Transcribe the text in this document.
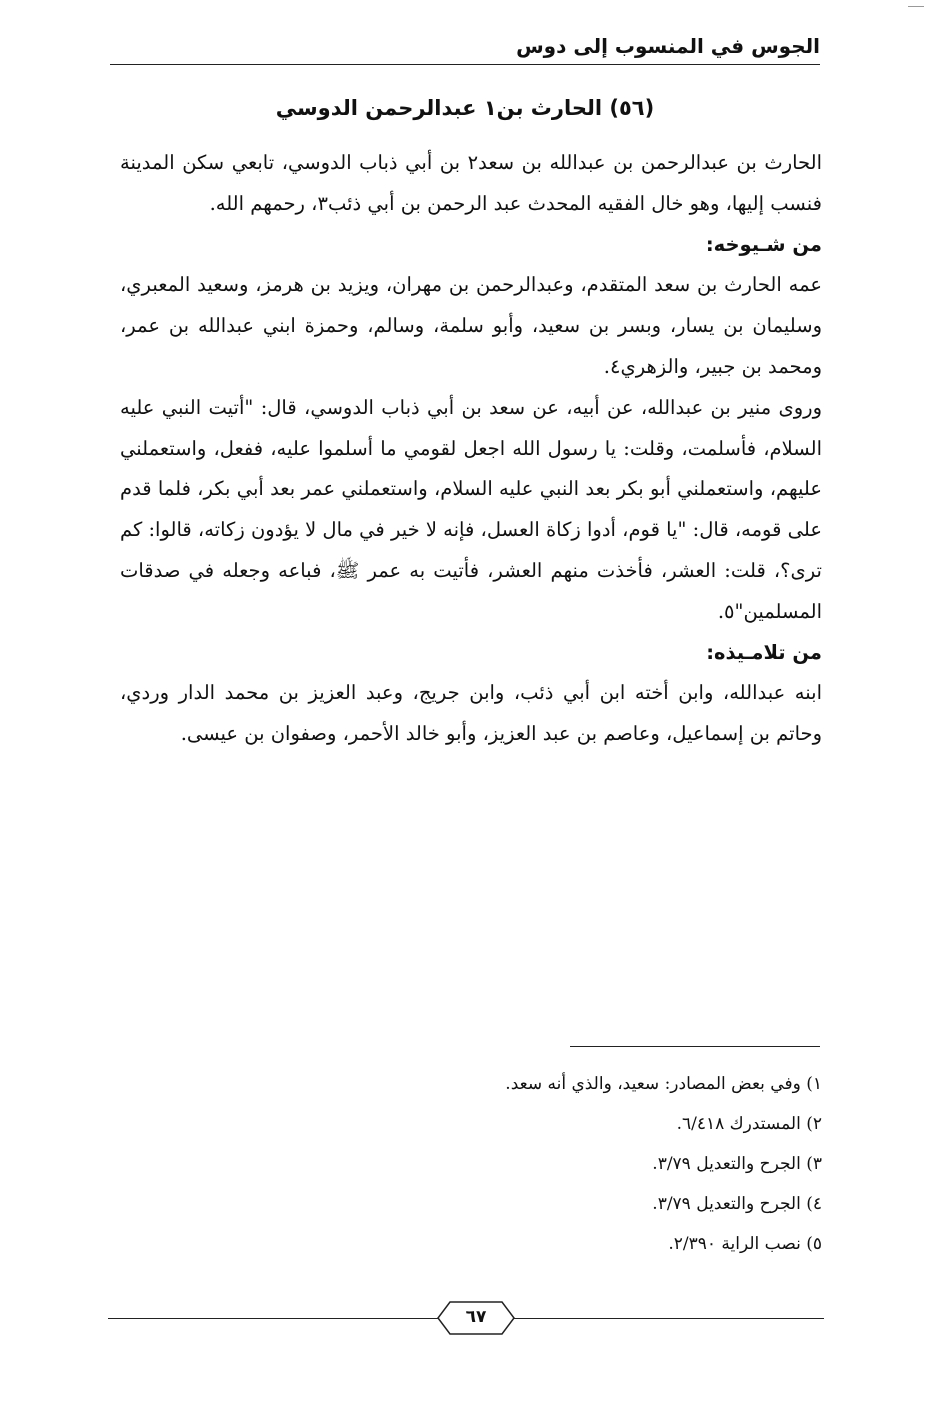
الجوس في المنسوب إلى دوس
(٥٦) الحارث بن١ عبدالرحمن الدوسي

الحارث بن عبدالرحمن بن عبدالله بن سعد٢ بن أبي ذباب الدوسي، تابعي سكن المدينة فنسب إليها، وهو خال الفقيه المحدث عبد الرحمن بن أبي ذئب٣، رحمهم الله.

من شـيوخه:

عمه الحارث بن سعد المتقدم، وعبدالرحمن بن مهران، ويزيد بن هرمز، وسعيد المعبري، وسليمان بن يسار، وبسر بن سعيد، وأبو سلمة، وسالم، وحمزة ابني عبدالله بن عمر، ومحمد بن جبير، والزهري٤.

وروى منير بن عبدالله، عن أبيه، عن سعد بن أبي ذباب الدوسي، قال: "أتيت النبي عليه السلام، فأسلمت، وقلت: يا رسول الله اجعل لقومي ما أسلموا عليه، ففعل، واستعملني عليهم، واستعملني أبو بكر بعد النبي عليه السلام، واستعملني عمر بعد أبي بكر، فلما قدم على قومه، قال: "يا قوم، أدوا زكاة العسل، فإنه لا خير في مال لا يؤدون زكاته، قالوا: كم ترى؟، قلت: العشر، فأخذت منهم العشر، فأتيت به عمر ﷺ، فباعه وجعله في صدقات المسلمين"٥.

من تلامـيذه:

ابنه عبدالله، وابن أخته ابن أبي ذئب، وابن جريج، وعبد العزيز بن محمد الدار وردي، وحاتم بن إسماعيل، وعاصم بن عبد العزيز، وأبو خالد الأحمر، وصفوان بن عيسى.

١) وفي بعض المصادر: سعيد، والذي أنه سعد.
٢) المستدرك ٦/٤١٨.
٣) الجرح والتعديل ٣/٧٩.
٤) الجرح والتعديل ٣/٧٩.
٥) نصب الراية ٢/٣٩٠.
٦٧
